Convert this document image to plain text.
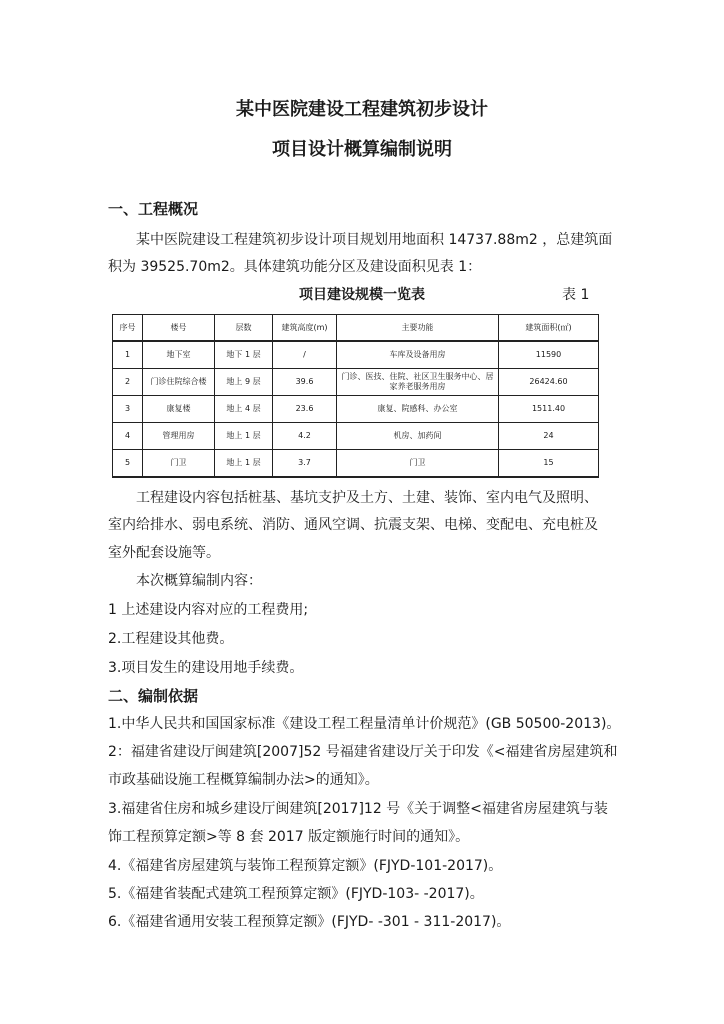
某中医院建设工程建筑初步设计
项目设计概算编制说明
一、工程概况
某中医院建设工程建筑初步设计项目规划用地面积 14737.88m2 ，总建筑面
积为 39525.70m2。具体建筑功能分区及建设面积见表 1：
项目建设规模一览表	表 1
序号	楼号	层数	建筑高度(m)	主要功能	建筑面积(㎡)
1	地下室	地下 1 层	/	车库及设备用房	11590
2	门诊住院综合楼	地上 9 层	39.6	门诊、医技、住院、社区卫生服务中心、居家养老服务用房	26424.60
3	康复楼	地上 4 层	23.6	康复、院感科、办公室	1511.40
4	管理用房	地上 1 层	4.2	机房、加药间	24
5	门卫	地上 1 层	3.7	门卫	15
工程建设内容包括桩基、基坑支护及土方、土建、装饰、室内电气及照明、
室内给排水、弱电系统、消防、通风空调、抗震支架、电梯、变配电、充电桩及
室外配套设施等。
本次概算编制内容：
1 上述建设内容对应的工程费用;
2.工程建设其他费。
3.项目发生的建设用地手续费。
二、编制依据
1.中华人民共和国国家标准《建设工程工程量清单计价规范》(GB 50500-2013)。
2：福建省建设厅闽建筑[2007]52 号福建省建设厅关于印发《<福建省房屋建筑和
市政基础设施工程概算编制办法>的通知》。
3.福建省住房和城乡建设厅闽建筑[2017]12 号《关于调整<福建省房屋建筑与装
饰工程预算定额>等 8 套 2017 版定额施行时间的通知》。
4.《福建省房屋建筑与装饰工程预算定额》(FJYD-101-2017)。
5.《福建省装配式建筑工程预算定额》(FJYD-103- -2017)。
6.《福建省通用安装工程预算定额》(FJYD- -301 - 311-2017)。
